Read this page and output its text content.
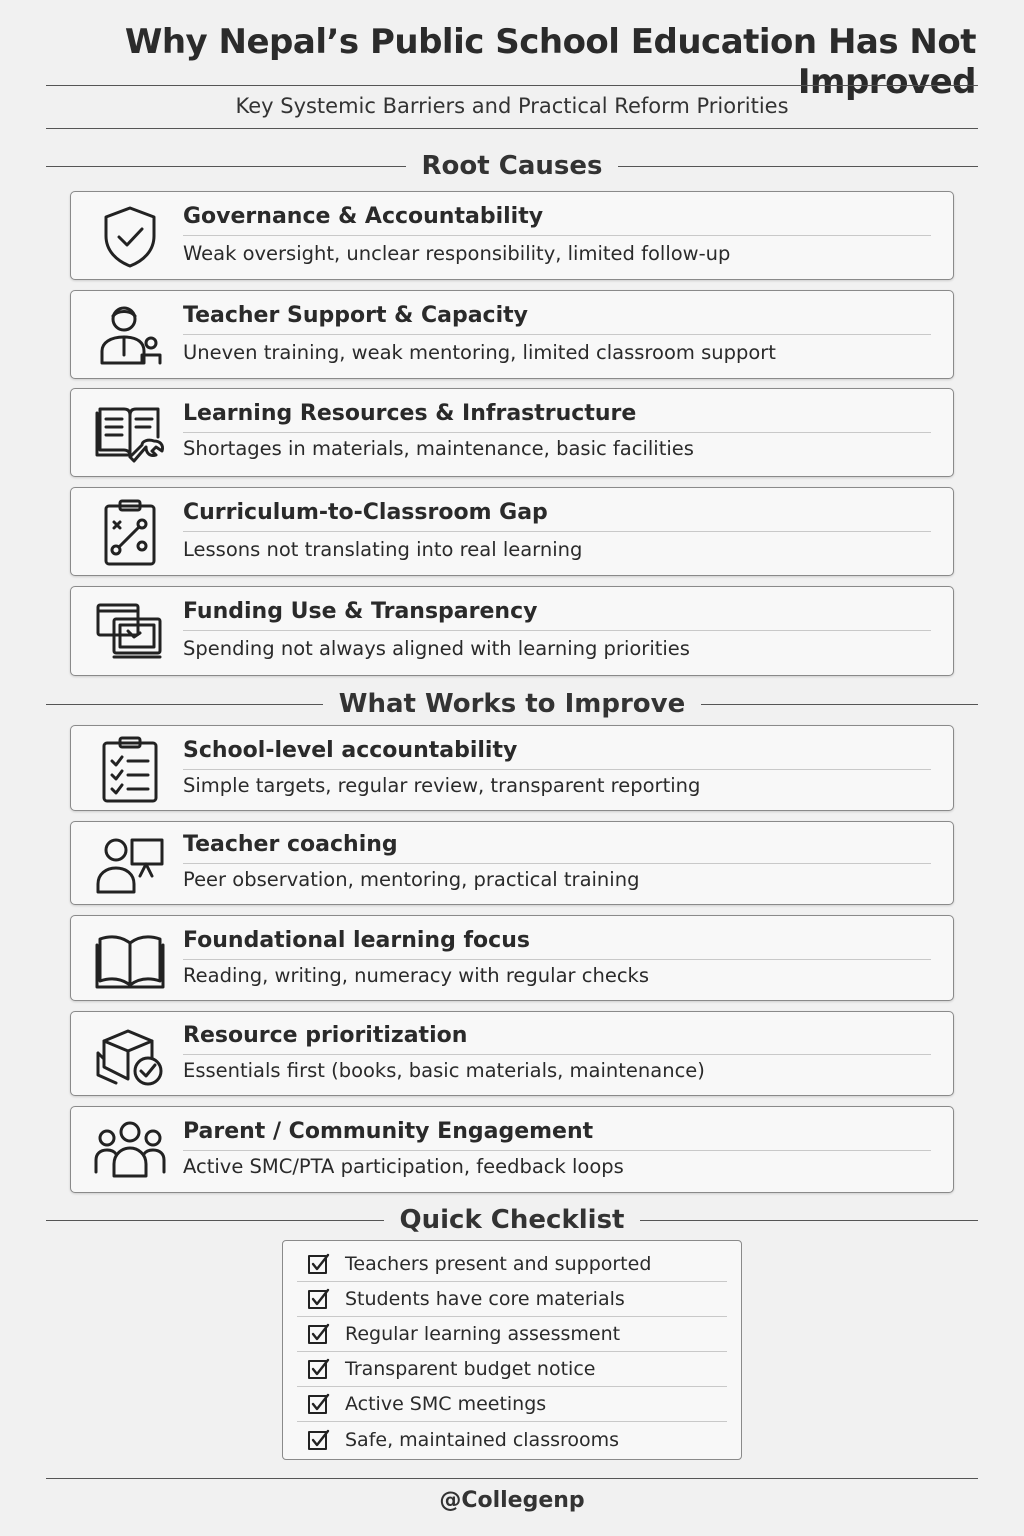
Why Nepal’s Public School Education Has Not Improved
Key Systemic Barriers and Practical Reform Priorities
Root Causes
Governance & Accountability
Weak oversight, unclear responsibility, limited follow-up
Teacher Support & Capacity
Uneven training, weak mentoring, limited classroom support
Learning Resources & Infrastructure
Shortages in materials, maintenance, basic facilities
Curriculum-to-Classroom Gap
Lessons not translating into real learning
Funding Use & Transparency
Spending not always aligned with learning priorities
What Works to Improve
School-level accountability
Simple targets, regular review, transparent reporting
Teacher coaching
Peer observation, mentoring, practical training
Foundational learning focus
Reading, writing, numeracy with regular checks
Resource prioritization
Essentials first (books, basic materials, maintenance)
Parent / Community Engagement
Active SMC/PTA participation, feedback loops
Quick Checklist
Teachers present and supported
Students have core materials
Regular learning assessment
Transparent budget notice
Active SMC meetings
Safe, maintained classrooms
@Collegenp
